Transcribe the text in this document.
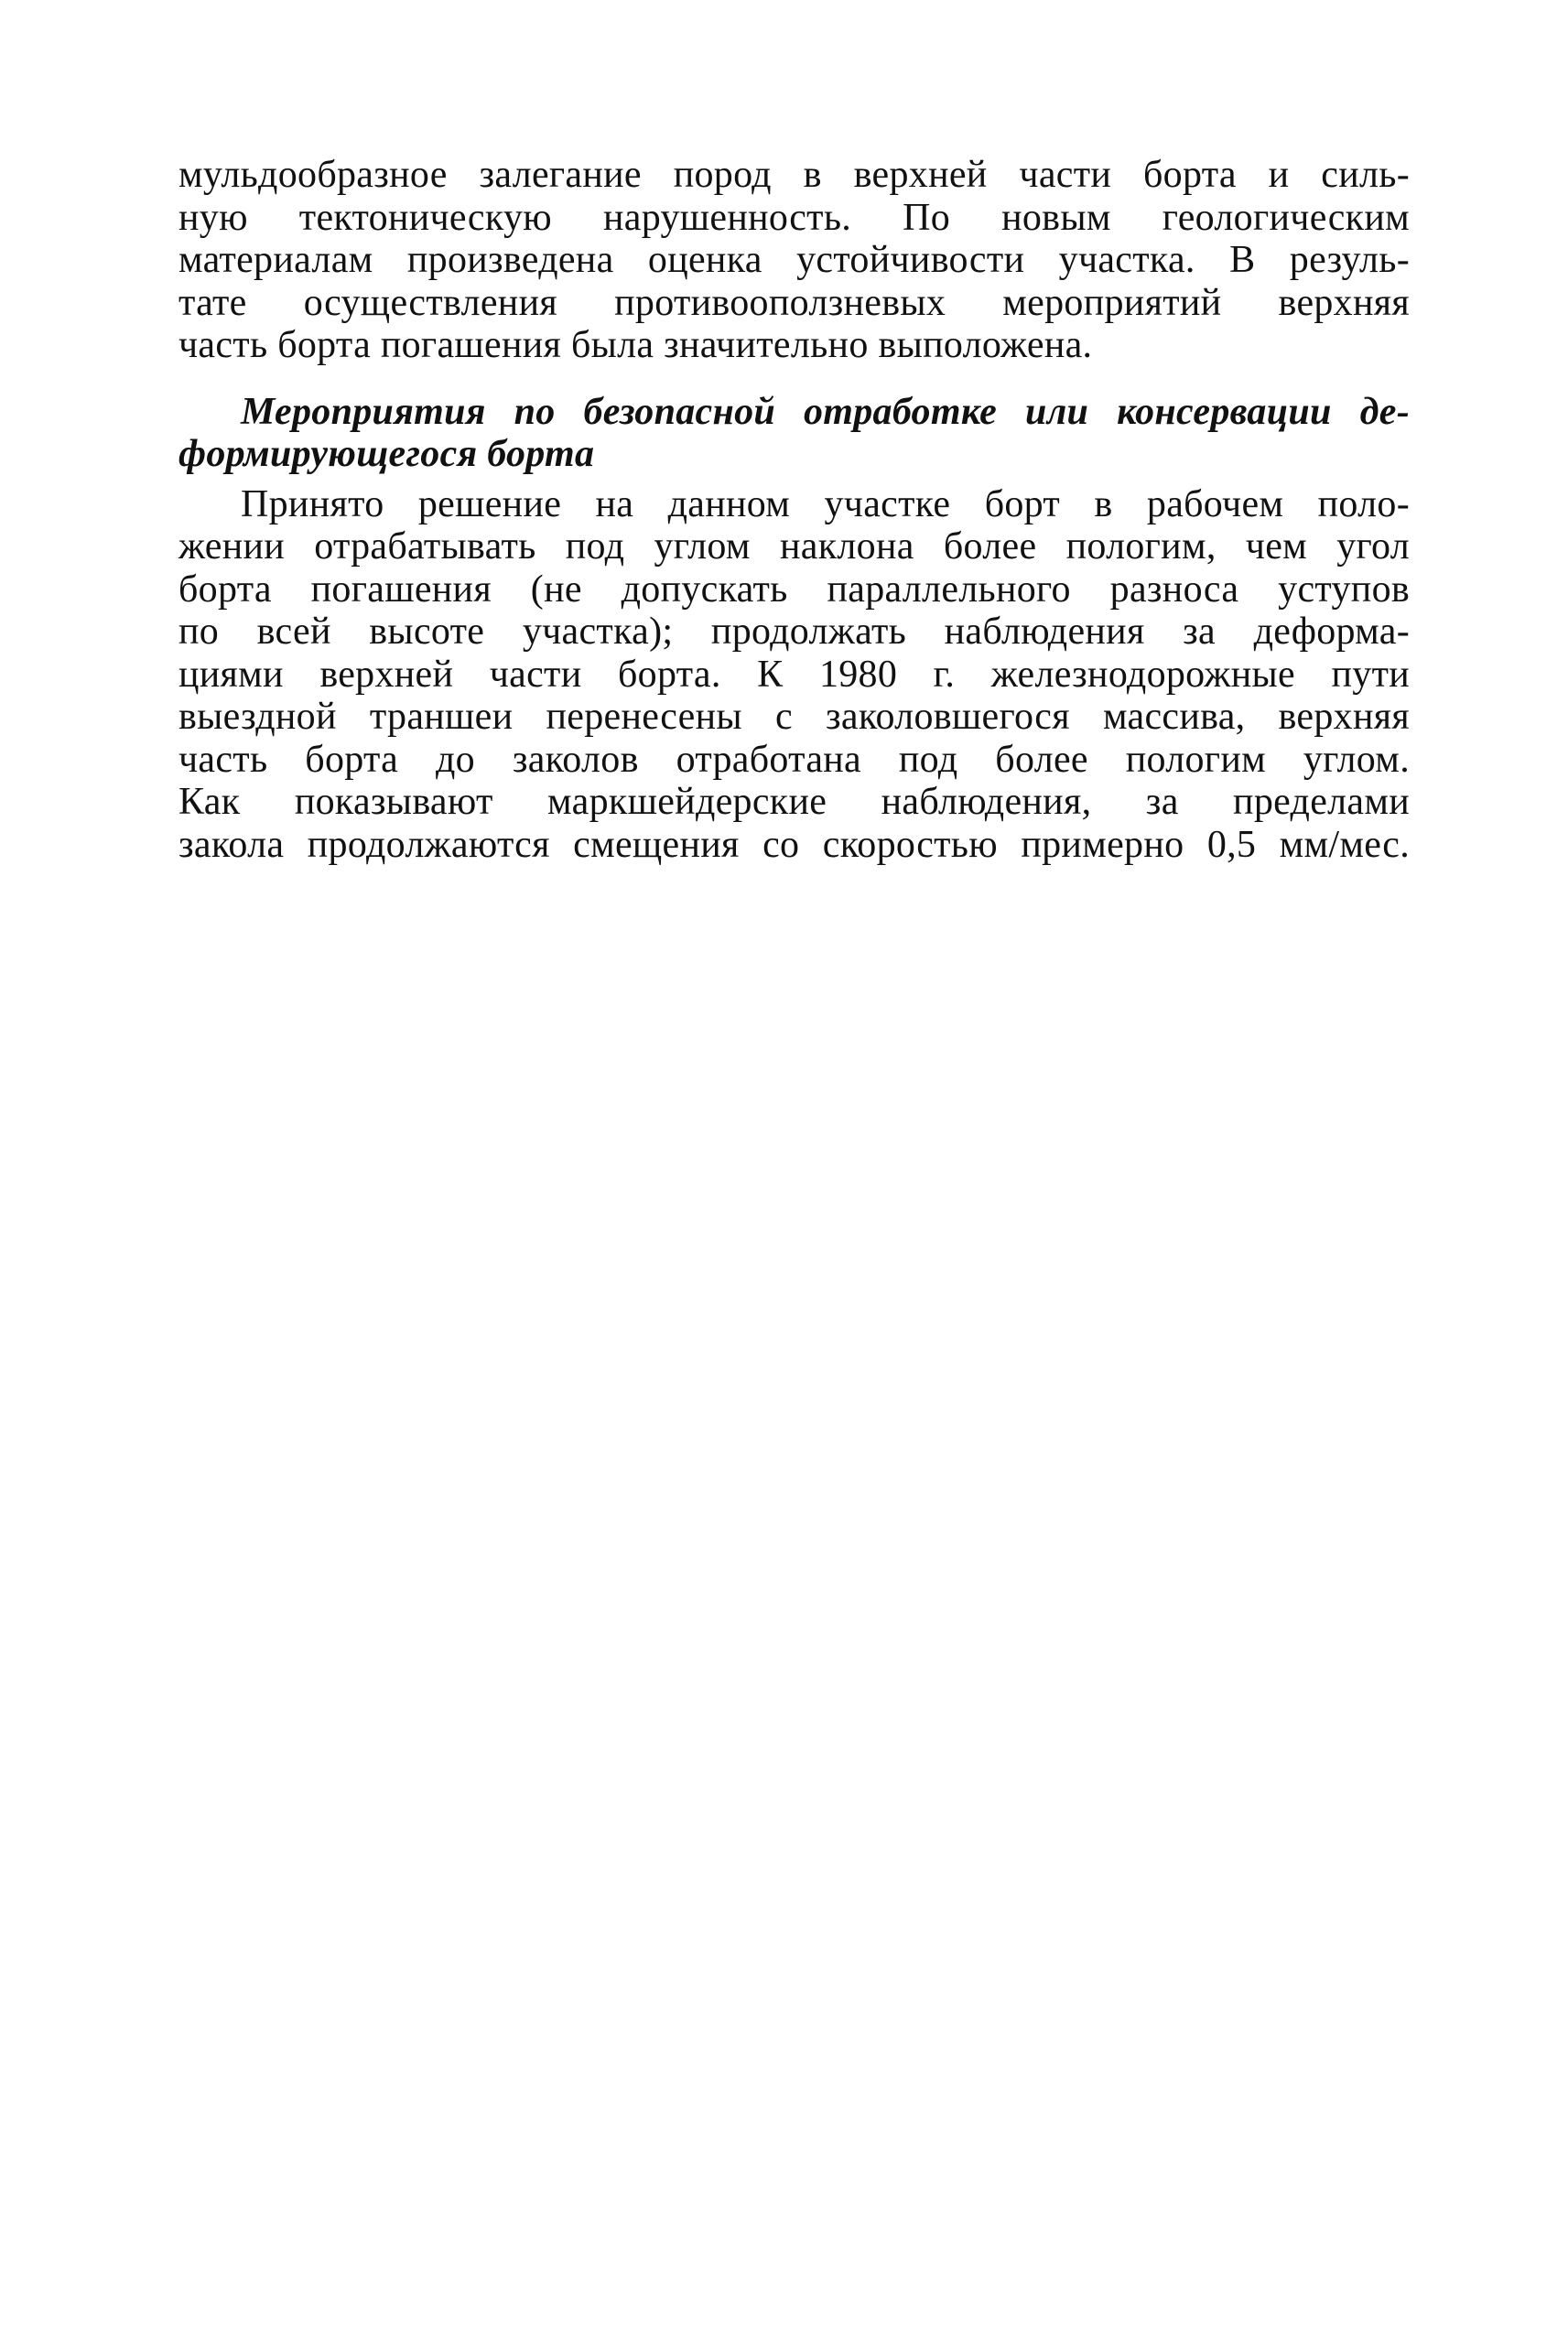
мульдообразное залегание пород в верхней части борта и силь-
ную тектоническую нарушенность. По новым геологическим
материалам произведена оценка устойчивости участка. В резуль-
тате осуществления противооползневых мероприятий верхняя
часть борта погашения была значительно выположена.
Мероприятия по безопасной отработке или консервации де-
формирующегося борта
Принято решение на данном участке борт в рабочем поло-
жении отрабатывать под углом наклона более пологим, чем угол
борта погашения (не допускать параллельного разноса уступов
по всей высоте участка); продолжать наблюдения за деформа-
циями верхней части борта. К 1980 г. железнодорожные пути
выездной траншеи перенесены с заколовшегося массива, верхняя
часть борта до заколов отработана под более пологим углом.
Как показывают маркшейдерские наблюдения, за пределами
закола продолжаются смещения со скоростью примерно 0,5 мм/мес.
